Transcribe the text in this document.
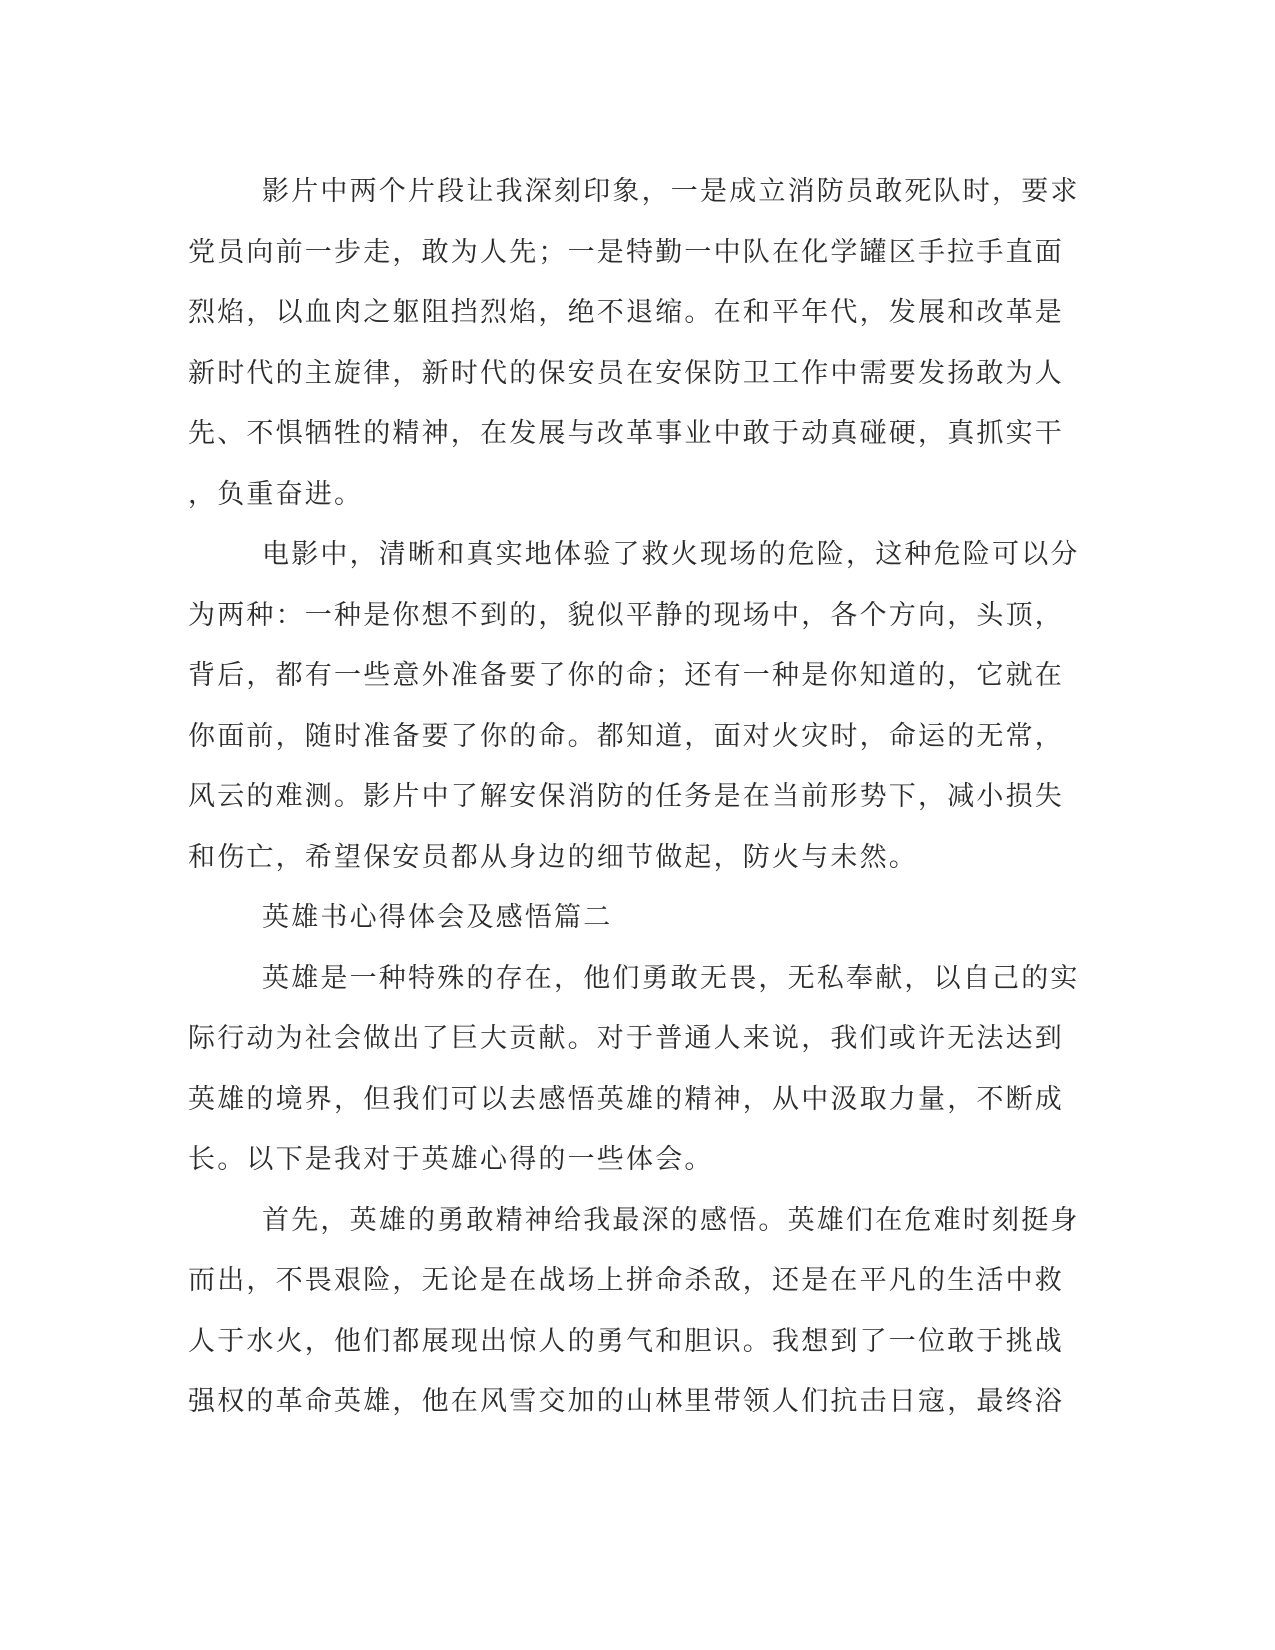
影片中两个片段让我深刻印象，一是成立消防员敢死队时，要求
党员向前一步走，敢为人先；一是特勤一中队在化学罐区手拉手直面
烈焰，以血肉之躯阻挡烈焰，绝不退缩。在和平年代，发展和改革是
新时代的主旋律，新时代的保安员在安保防卫工作中需要发扬敢为人
先、不惧牺牲的精神，在发展与改革事业中敢于动真碰硬，真抓实干
，负重奋进。
电影中，清晰和真实地体验了救火现场的危险，这种危险可以分
为两种：一种是你想不到的，貌似平静的现场中，各个方向，头顶，
背后，都有一些意外准备要了你的命；还有一种是你知道的，它就在
你面前，随时准备要了你的命。都知道，面对火灾时，命运的无常，
风云的难测。影片中了解安保消防的任务是在当前形势下，减小损失
和伤亡，希望保安员都从身边的细节做起，防火与未然。
英雄书心得体会及感悟篇二
英雄是一种特殊的存在，他们勇敢无畏，无私奉献，以自己的实
际行动为社会做出了巨大贡献。对于普通人来说，我们或许无法达到
英雄的境界，但我们可以去感悟英雄的精神，从中汲取力量，不断成
长。以下是我对于英雄心得的一些体会。
首先，英雄的勇敢精神给我最深的感悟。英雄们在危难时刻挺身
而出，不畏艰险，无论是在战场上拼命杀敌，还是在平凡的生活中救
人于水火，他们都展现出惊人的勇气和胆识。我想到了一位敢于挑战
强权的革命英雄，他在风雪交加的山林里带领人们抗击日寇，最终浴
